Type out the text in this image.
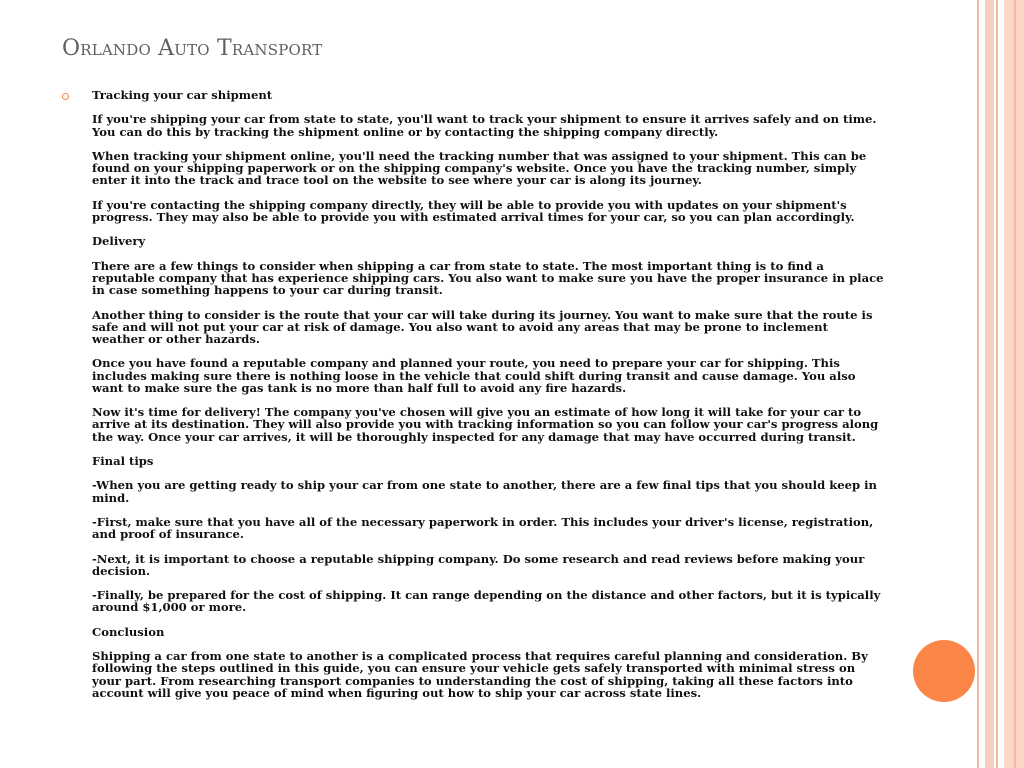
Orlando Auto Transport

Tracking your car shipment

If you're shipping your car from state to state, you'll want to track your shipment to ensure it arrives safely and on time. You can do this by tracking the shipment online or by contacting the shipping company directly.

When tracking your shipment online, you'll need the tracking number that was assigned to your shipment. This can be found on your shipping paperwork or on the shipping company's website. Once you have the tracking number, simply enter it into the track and trace tool on the website to see where your car is along its journey.

If you're contacting the shipping company directly, they will be able to provide you with updates on your shipment's progress. They may also be able to provide you with estimated arrival times for your car, so you can plan accordingly.

Delivery

There are a few things to consider when shipping a car from state to state. The most important thing is to find a reputable company that has experience shipping cars. You also want to make sure you have the proper insurance in place in case something happens to your car during transit.

Another thing to consider is the route that your car will take during its journey. You want to make sure that the route is safe and will not put your car at risk of damage. You also want to avoid any areas that may be prone to inclement weather or other hazards.

Once you have found a reputable company and planned your route, you need to prepare your car for shipping. This includes making sure there is nothing loose in the vehicle that could shift during transit and cause damage. You also want to make sure the gas tank is no more than half full to avoid any fire hazards.

Now it's time for delivery! The company you've chosen will give you an estimate of how long it will take for your car to arrive at its destination. They will also provide you with tracking information so you can follow your car's progress along the way. Once your car arrives, it will be thoroughly inspected for any damage that may have occurred during transit.

Final tips

-When you are getting ready to ship your car from one state to another, there are a few final tips that you should keep in mind.

-First, make sure that you have all of the necessary paperwork in order. This includes your driver's license, registration, and proof of insurance.

-Next, it is important to choose a reputable shipping company. Do some research and read reviews before making your decision.

-Finally, be prepared for the cost of shipping. It can range depending on the distance and other factors, but it is typically around $1,000 or more.

Conclusion

Shipping a car from one state to another is a complicated process that requires careful planning and consideration. By following the steps outlined in this guide, you can ensure your vehicle gets safely transported with minimal stress on your part. From researching transport companies to understanding the cost of shipping, taking all these factors into account will give you peace of mind when figuring out how to ship your car across state lines.
